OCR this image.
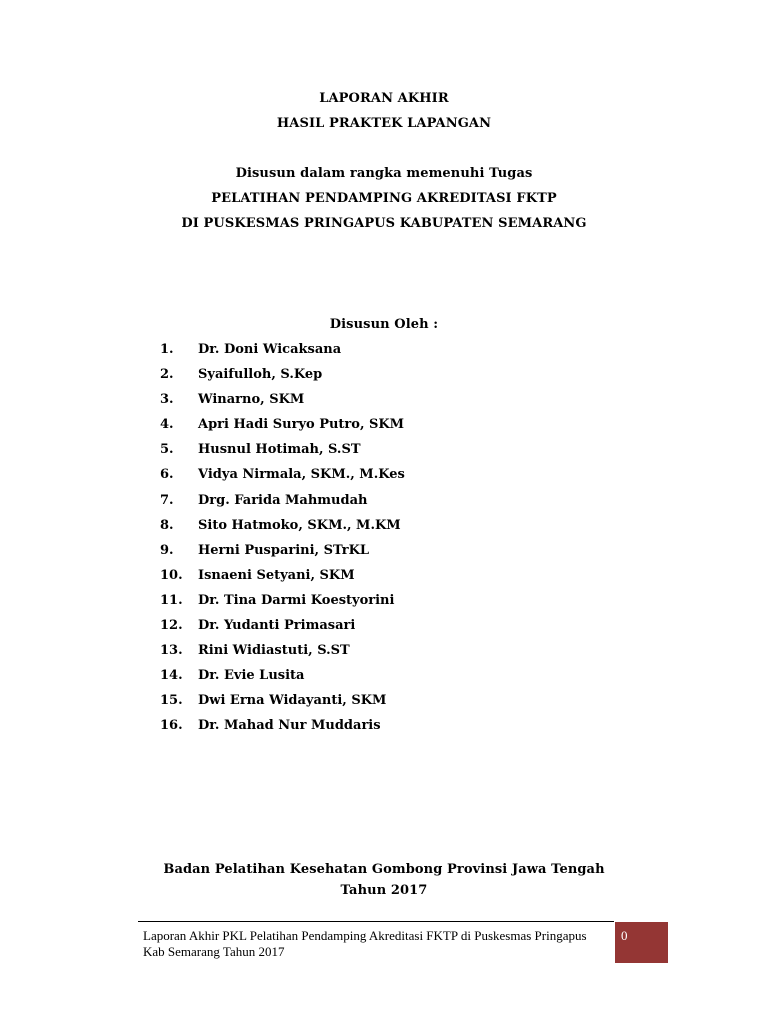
LAPORAN AKHIR
HASIL PRAKTEK LAPANGAN
Disusun dalam rangka memenuhi Tugas
PELATIHAN PENDAMPING AKREDITASI FKTP
DI PUSKESMAS PRINGAPUS KABUPATEN SEMARANG
Disusun Oleh :
1.	Dr. Doni Wicaksana
2.	Syaifulloh, S.Kep
3.	Winarno, SKM
4.	Apri Hadi Suryo Putro, SKM
5.	Husnul Hotimah, S.ST
6.	Vidya Nirmala, SKM., M.Kes
7.	Drg. Farida Mahmudah
8.	Sito Hatmoko, SKM., M.KM
9.	Herni Pusparini, STrKL
10.	Isnaeni Setyani, SKM
11.	Dr. Tina Darmi Koestyorini
12.	Dr. Yudanti Primasari
13.	Rini Widiastuti, S.ST
14.	Dr. Evie Lusita
15.	Dwi Erna Widayanti, SKM
16.	Dr. Mahad Nur Muddaris
Badan Pelatihan Kesehatan Gombong Provinsi Jawa Tengah
Tahun 2017
Laporan Akhir PKL Pelatihan Pendamping Akreditasi FKTP di Puskesmas Pringapus Kab Semarang Tahun 2017
0
